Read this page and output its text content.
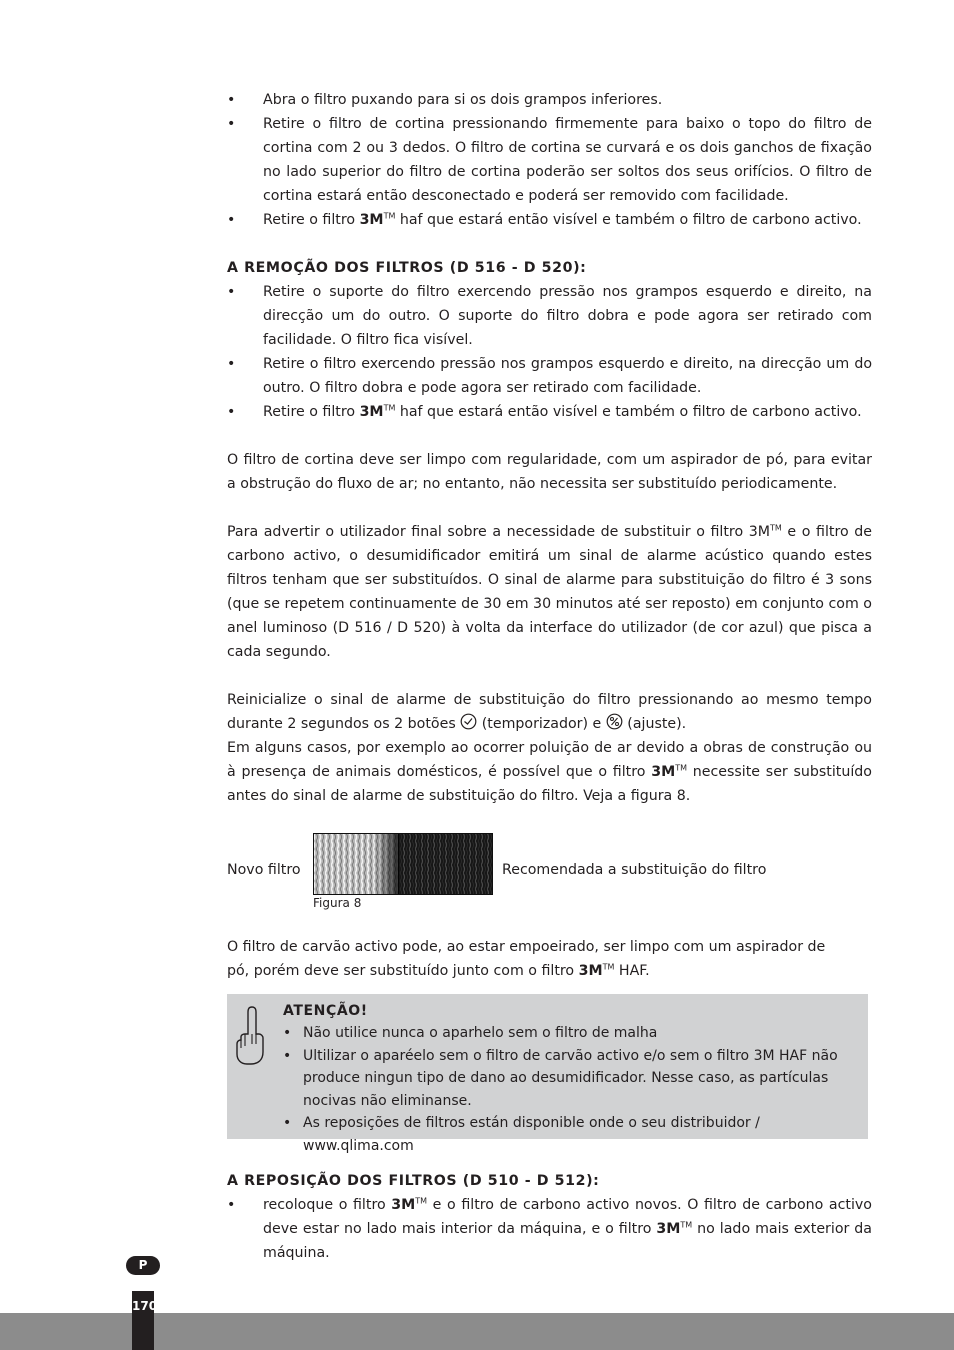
• Abra o filtro puxando para si os dois grampos inferiores.
• Retire o filtro de cortina pressionando firmemente para baixo o topo do filtro de cortina com 2 ou 3 dedos. O filtro de cortina se curvará e os dois ganchos de fixação no lado superior do filtro de cortina poderão ser soltos dos seus orifícios. O filtro de cortina estará então desconectado e poderá ser removido com facilidade.
• Retire o filtro 3M™ haf que estará então visível e também o filtro de carbono activo.
A REMOÇÃO DOS FILTROS (D 516 - D 520):
• Retire o suporte do filtro exercendo pressão nos grampos esquerdo e direito, na direcção um do outro. O suporte do filtro dobra e pode agora ser retirado com facilidade. O filtro fica visível.
• Retire o filtro exercendo pressão nos grampos esquerdo e direito, na direcção um do outro. O filtro dobra e pode agora ser retirado com facilidade.
• Retire o filtro 3M™ haf que estará então visível e também o filtro de carbono activo.

O filtro de cortina deve ser limpo com regularidade, com um aspirador de pó, para evitar a obstrução do fluxo de ar; no entanto, não necessita ser substituído periodicamente.

Para advertir o utilizador final sobre a necessidade de substituir o filtro 3M™ e o filtro de carbono activo, o desumidificador emitirá um sinal de alarme acústico quando estes filtros tenham que ser substituídos. O sinal de alarme para substituição do filtro é 3 sons (que se repetem continuamente de 30 em 30 minutos até ser reposto) em conjunto com o anel luminoso (D 516 / D 520) à volta da interface do utilizador (de cor azul) que pisca a cada segundo.

Reinicialize o sinal de alarme de substituição do filtro pressionando ao mesmo tempo durante 2 segundos os 2 botões  (temporizador) e  (ajuste).

Em alguns casos, por exemplo ao ocorrer poluição de ar devido a obras de construção ou à presença de animais domésticos, é possível que o filtro 3M™ necessite ser substituído antes do sinal de alarme de substituição do filtro. Veja a figura 8.

Novo filtro	Recomendada a substituição do filtro
Figura 8

O filtro de carvão activo pode, ao estar empoeirado, ser limpo com um aspirador de pó, porém deve ser substituído junto com o filtro 3M™ HAF.

ATENÇÃO!
• Não utilice nunca o aparhelo sem o filtro de malha
• Ultilizar o aparéelo sem o filtro de carvão activo e/o sem o filtro 3M HAF não produce ningun tipo de dano ao desumidificador. Nesse caso, as partículas nocivas não eliminanse.
• As reposições de filtros están disponible onde o seu distribuidor / www.qlima.com
A REPOSIÇÃO DOS FILTROS (D 510 - D 512):
• recoloque o filtro 3M™ e o filtro de carbono activo novos. O filtro de carbono activo deve estar no lado mais interior da máquina, e o filtro 3M™ no lado mais exterior da máquina.
P
170
